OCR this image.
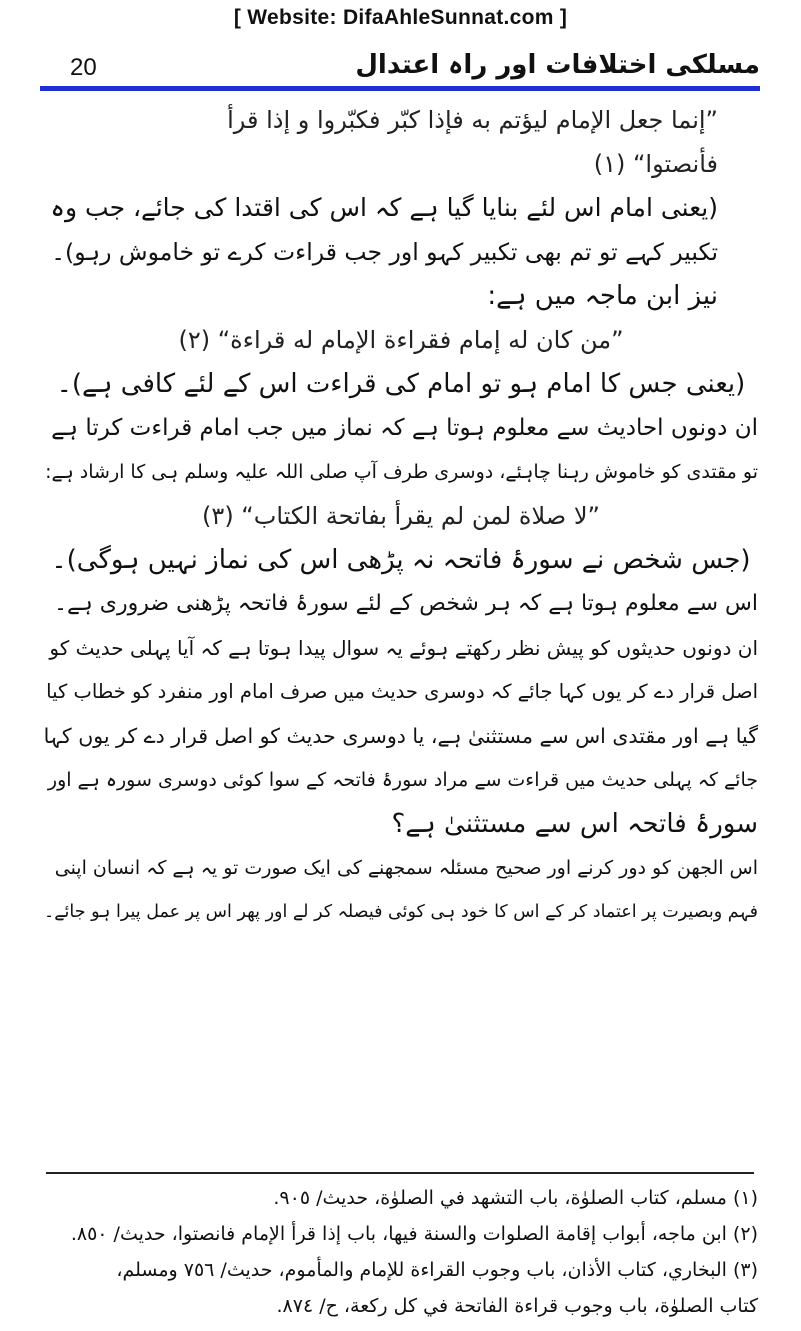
[ Website: DifaAhleSunnat.com ]
20	مسلکی اختلافات اور راہ اعتدال
”إنما جعل الإمام ليؤتم به فإذا كبّر فكبّروا و إذا قرأ
فأنصتوا“ (١)
(یعنی امام اس لئے بنایا گیا ہے کہ اس کی اقتدا کی جائے، جب وہ
تکبیر کہے تو تم بھی تکبیر کہو اور جب قراءت کرے تو خاموش رہو)۔
نیز ابن ماجہ میں ہے:
”من كان له إمام فقراءة الإمام له قراءة“ (٢)
(یعنی جس کا امام ہو تو امام کی قراءت اس کے لئے کافی ہے)۔
ان دونوں احادیث سے معلوم ہوتا ہے کہ نماز میں جب امام قراءت کرتا ہے
تو مقتدی کو خاموش رہنا چاہئے، دوسری طرف آپ صلی اللہ علیہ وسلم ہی کا ارشاد ہے:
”لا صلاة لمن لم يقرأ بفاتحة الكتاب“ (٣)
(جس شخص نے سورۂ فاتحہ نہ پڑھی اس کی نماز نہیں ہوگی)۔
اس سے معلوم ہوتا ہے کہ ہر شخص کے لئے سورۂ فاتحہ پڑھنی ضروری ہے۔
ان دونوں حدیثوں کو پیش نظر رکھتے ہوئے یہ سوال پیدا ہوتا ہے کہ آیا پہلی حدیث کو
اصل قرار دے کر یوں کہا جائے کہ دوسری حدیث میں صرف امام اور منفرد کو خطاب کیا
گیا ہے اور مقتدی اس سے مستثنیٰ ہے، یا دوسری حدیث کو اصل قرار دے کر یوں کہا
جائے کہ پہلی حدیث میں قراءت سے مراد سورۂ فاتحہ کے سوا کوئی دوسری سورہ ہے اور
سورۂ فاتحہ اس سے مستثنیٰ ہے؟
اس الجھن کو دور کرنے اور صحیح مسئلہ سمجھنے کی ایک صورت تو یہ ہے کہ انسان اپنی
فہم وبصیرت پر اعتماد کر کے اس کا خود ہی کوئی فیصلہ کر لے اور پھر اس پر عمل پیرا ہو جائے۔
(١) مسلم، كتاب الصلوٰة، باب التشهد في الصلوٰة، حديث/ ٩٠٥.
(٢) ابن ماجه، أبواب إقامة الصلوات والسنة فيها، باب إذا قرأ الإمام فانصتوا، حديث/ ٨٥٠.
(٣) البخاري، كتاب الأذان، باب وجوب القراءة للإمام والمأموم، حديث/ ٧٥٦ ومسلم،
كتاب الصلوٰة، باب وجوب قراءة الفاتحة في كل ركعة، ح/ ٨٧٤.
